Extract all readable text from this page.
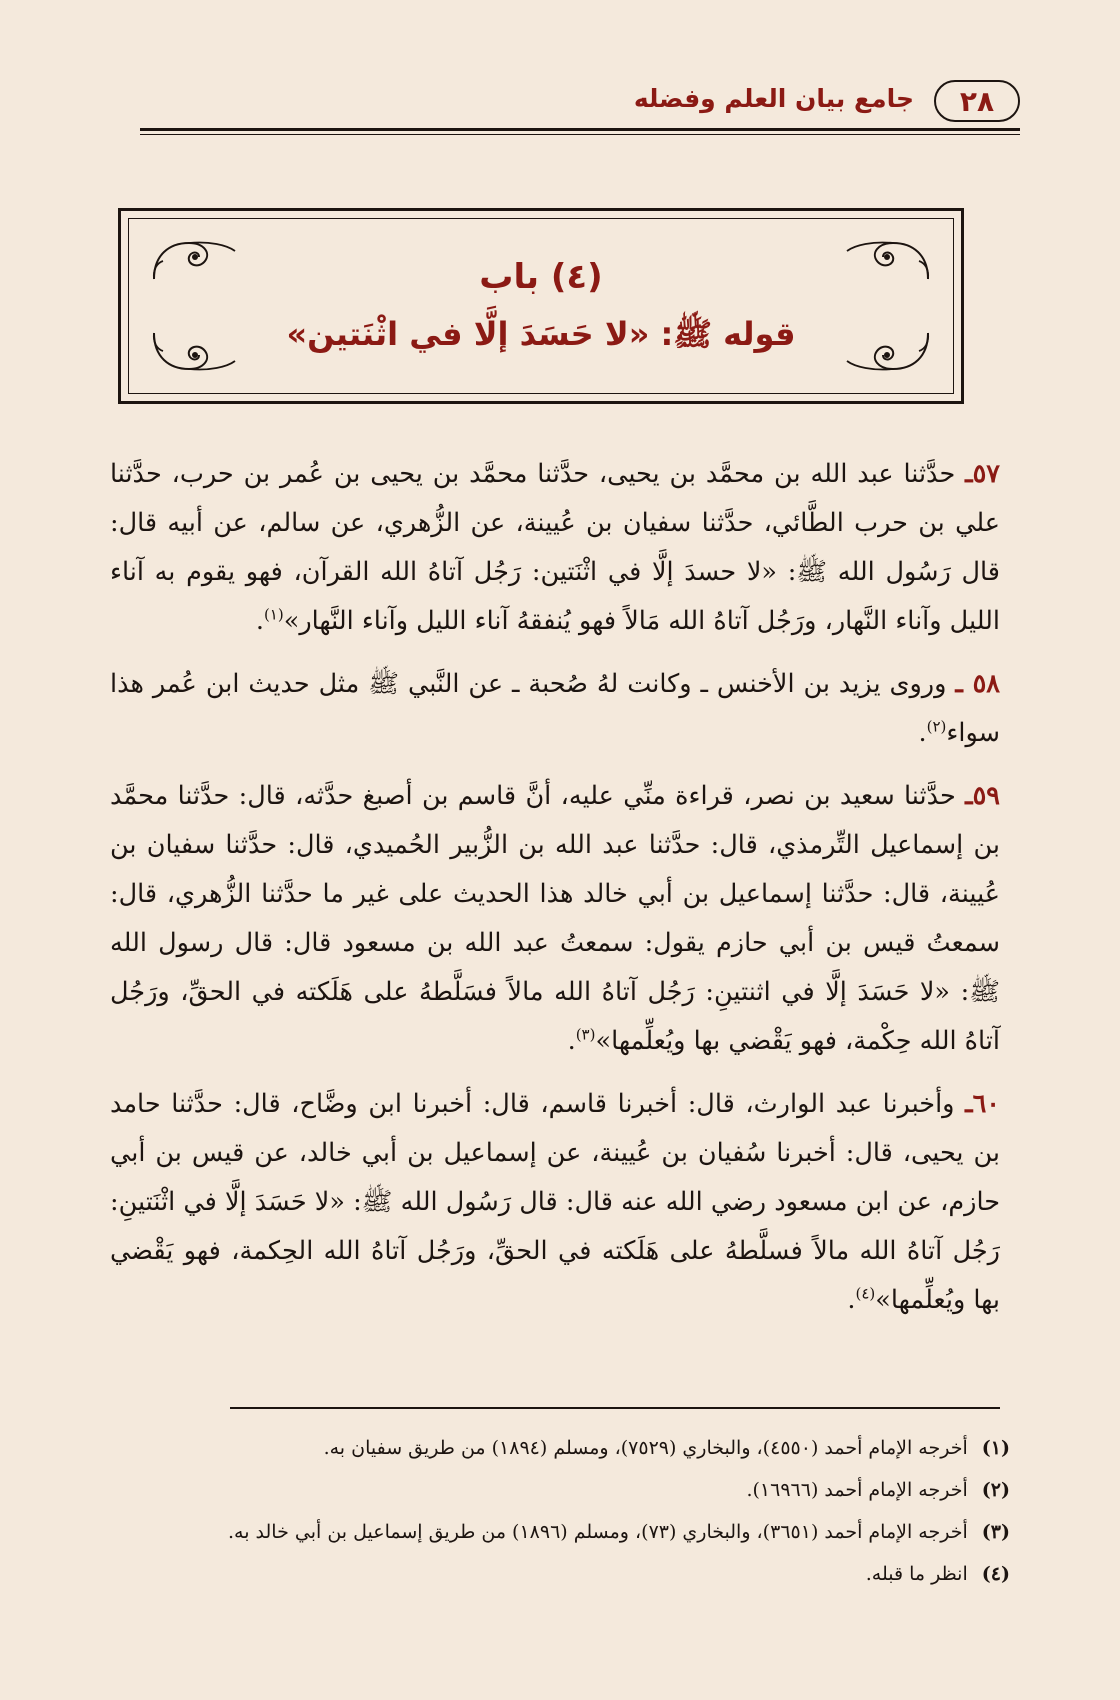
٢٨
جامع بيان العلم وفضله
(٤) باب
قوله ﷺ: «لا حَسَدَ إلَّا في اثْنَتين»

٥٧ـ حدَّثنا عبد الله بن محمَّد بن يحيى، حدَّثنا محمَّد بن يحيى بن عُمر بن حرب، حدَّثنا علي بن حرب الطَّائي، حدَّثنا سفيان بن عُيينة، عن الزُّهري، عن سالم، عن أبيه قال: قال رَسُول الله ﷺ: «لا حسدَ إلَّا في اثْنَتين: رَجُل آتاهُ الله القرآن، فهو يقوم به آناء الليل وآناء النَّهار، ورَجُل آتاهُ الله مَالاً فهو يُنفقهُ آناء الليل وآناء النَّهار»$^{(١)}$.

٥٨ ـ وروى يزيد بن الأخنس ـ وكانت لهُ صُحبة ـ عن النَّبي ﷺ مثل حديث ابن عُمر هذا سواء$^{(٢)}$.

٥٩ـ حدَّثنا سعيد بن نصر، قراءة منِّي عليه، أنَّ قاسم بن أصبغ حدَّثه، قال: حدَّثنا محمَّد بن إسماعيل التِّرمذي، قال: حدَّثنا عبد الله بن الزُّبير الحُميدي، قال: حدَّثنا سفيان بن عُيينة، قال: حدَّثنا إسماعيل بن أبي خالد هذا الحديث على غير ما حدَّثنا الزُّهري، قال: سمعتُ قيس بن أبي حازم يقول: سمعتُ عبد الله بن مسعود قال: قال رسول الله ﷺ: «لا حَسَدَ إلَّا في اثنتينِ: رَجُل آتاهُ الله مالاً فسَلَّطهُ على هَلَكته في الحقِّ، ورَجُل آتاهُ الله حِكْمة، فهو يَقْضي بها ويُعلِّمها»$^{(٣)}$.

٦٠ـ وأخبرنا عبد الوارث، قال: أخبرنا قاسم، قال: أخبرنا ابن وضَّاح، قال: حدَّثنا حامد بن يحيى، قال: أخبرنا سُفيان بن عُيينة، عن إسماعيل بن أبي خالد، عن قيس بن أبي حازم، عن ابن مسعود رضي الله عنه قال: قال رَسُول الله ﷺ: «لا حَسَدَ إلَّا في اثْنَتينِ: رَجُل آتاهُ الله مالاً فسلَّطهُ على هَلَكته في الحقِّ، ورَجُل آتاهُ الله الحِكمة، فهو يَقْضي بها ويُعلِّمها»$^{(٤)}$.

(١) أخرجه الإمام أحمد (٤٥٥٠)، والبخاري (٧٥٢٩)، ومسلم (١٨٩٤) من طريق سفيان به.

(٢) أخرجه الإمام أحمد (١٦٩٦٦).

(٣) أخرجه الإمام أحمد (٣٦٥١)، والبخاري (٧٣)، ومسلم (١٨٩٦) من طريق إسماعيل بن أبي خالد به.

(٤) انظر ما قبله.
